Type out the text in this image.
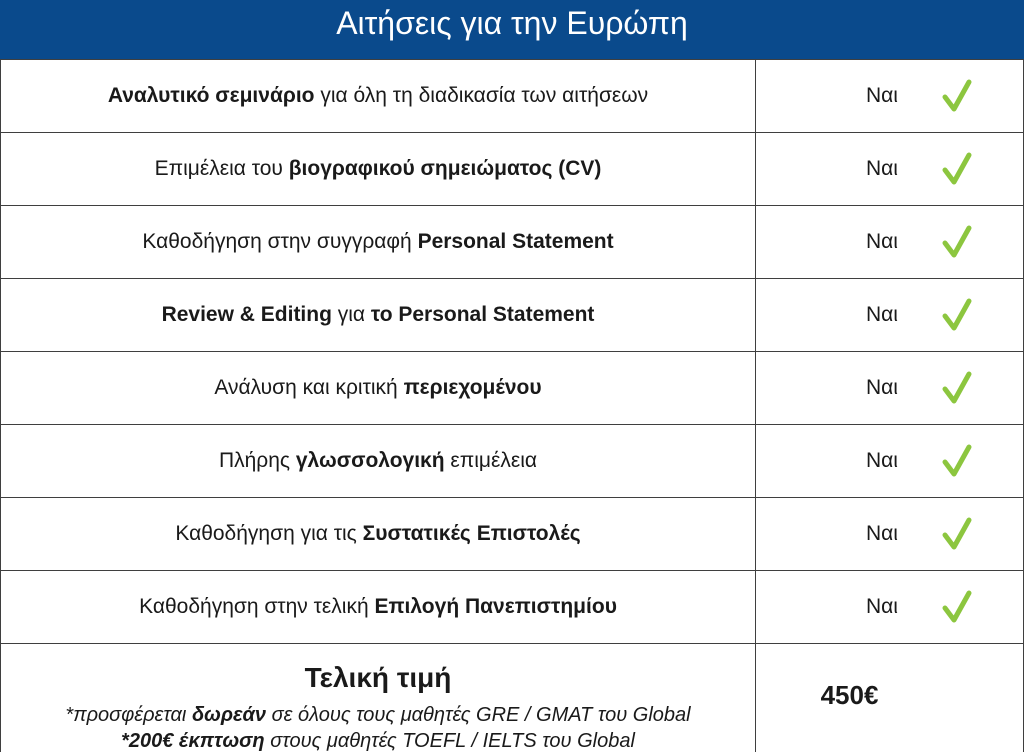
Αιτήσεις για την Ευρώπη
Αναλυτικό σεμινάριο για όλη τη διαδικασία των αιτήσεων	Ναι
Επιμέλεια του βιογραφικού σημειώματος (CV)	Ναι
Καθοδήγηση στην συγγραφή Personal Statement	Ναι
Review & Editing για το Personal Statement	Ναι
Ανάλυση και κριτική περιεχομένου	Ναι
Πλήρης γλωσσολογική επιμέλεια	Ναι
Καθοδήγηση για τις Συστατικές Επιστολές	Ναι
Καθοδήγηση στην τελική Επιλογή Πανεπιστημίου	Ναι
Τελική τιμή
*προσφέρεται δωρεάν σε όλους τους μαθητές GRE / GMAT του Global
*200€ έκπτωση στους μαθητές TOEFL / IELTS του Global
450€
